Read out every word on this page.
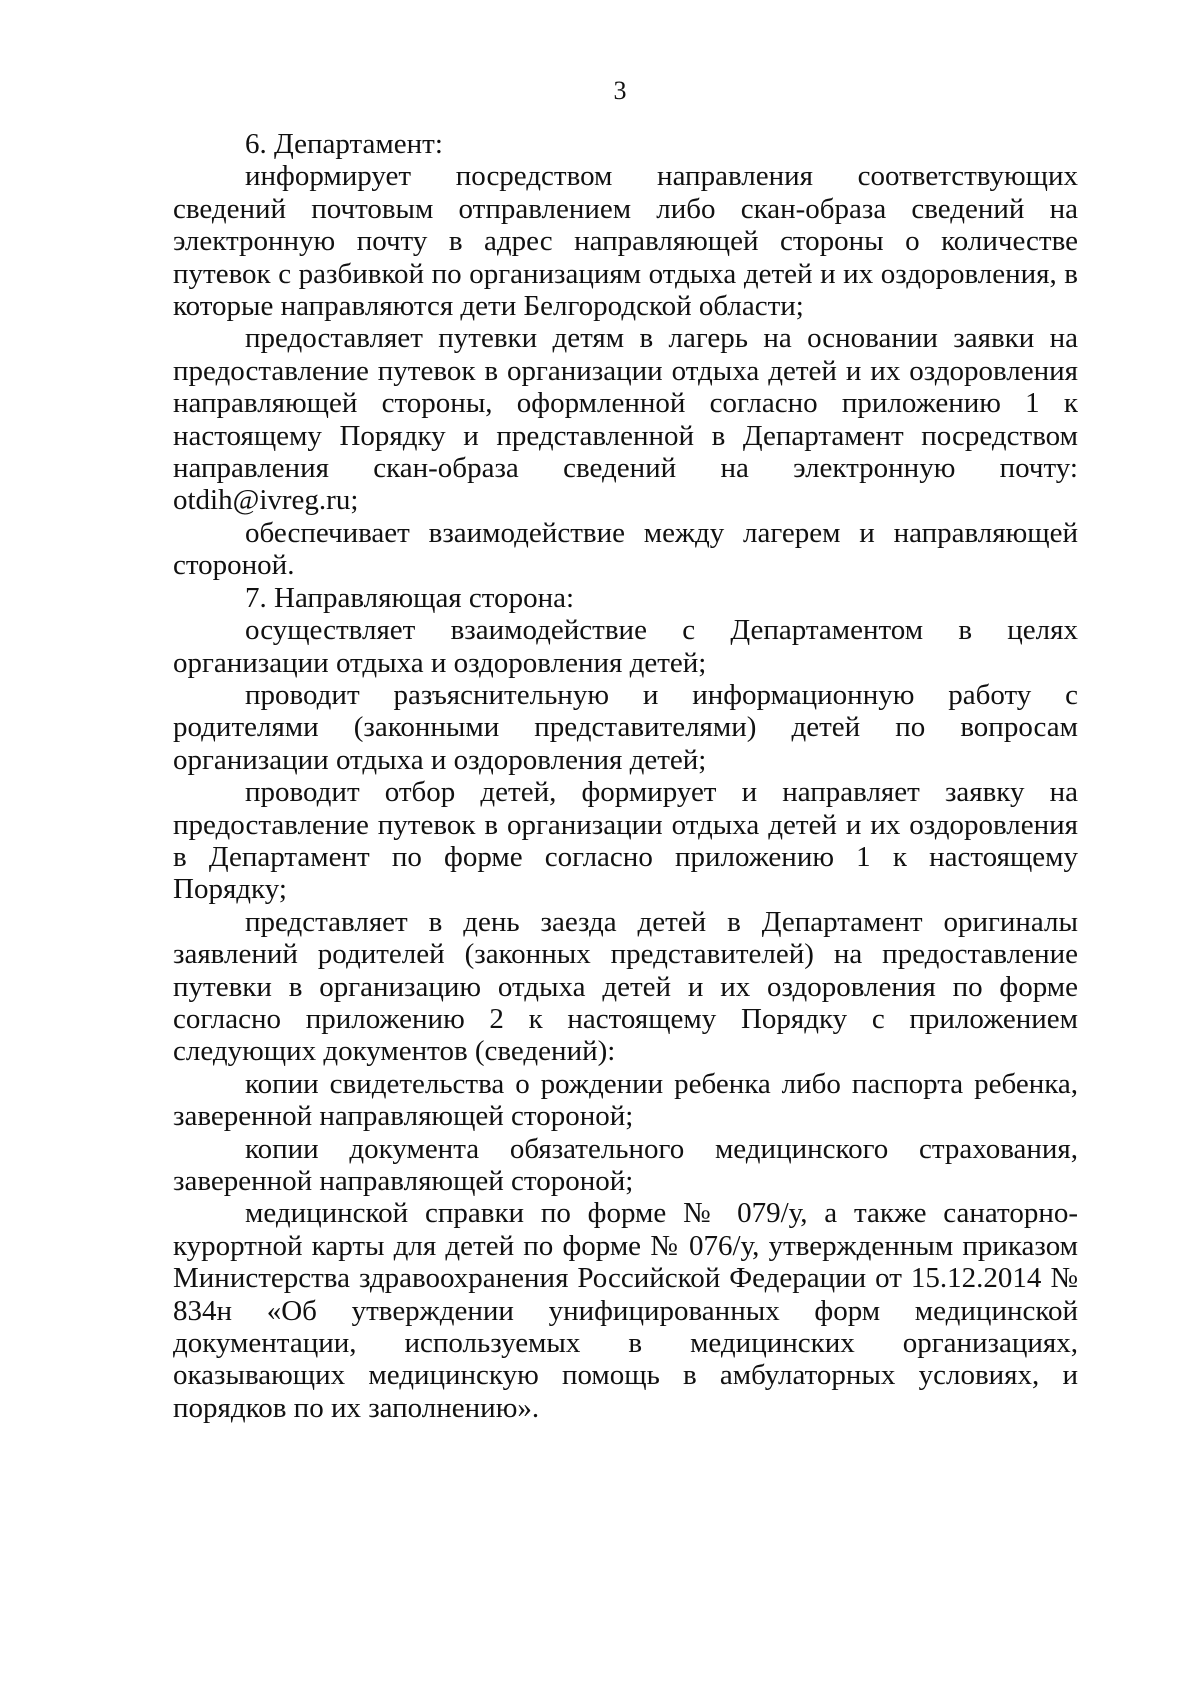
3

6. Департамент:

информирует посредством направления соответствующих сведений почтовым отправлением либо скан-образа сведений на электронную почту в адрес направляющей стороны о количестве путевок с разбивкой по организациям отдыха детей и их оздоровления, в которые направляются дети Белгородской области;

предоставляет путевки детям в лагерь на основании заявки на предоставление путевок в организации отдыха детей и их оздоровления направляющей стороны, оформленной согласно приложению 1 к настоящему Порядку и представленной в Департамент посредством направления скан-образа сведений на электронную почту: otdih@ivreg.ru;

обеспечивает взаимодействие между лагерем и направляющей стороной.

7. Направляющая сторона:

осуществляет взаимодействие с Департаментом в целях организации отдыха и оздоровления детей;

проводит разъяснительную и информационную работу с родителями (законными представителями) детей по вопросам организации отдыха и оздоровления детей;

проводит отбор детей, формирует и направляет заявку на предоставление путевок в организации отдыха детей и их оздоровления в Департамент по форме согласно приложению 1 к настоящему Порядку;

представляет в день заезда детей в Департамент оригиналы заявлений родителей (законных представителей) на предоставление путевки в организацию отдыха детей и их оздоровления по форме согласно приложению 2 к настоящему Порядку с приложением следующих документов (сведений):

копии свидетельства о рождении ребенка либо паспорта ребенка, заверенной направляющей стороной;

копии документа обязательного медицинского страхования, заверенной направляющей стороной;

медицинской справки по форме № 079/у, а также санаторно-курортной карты для детей по форме № 076/у, утвержденным приказом Министерства здравоохранения Российской Федерации от 15.12.2014 № 834н «Об утверждении унифицированных форм медицинской документации, используемых в медицинских организациях, оказывающих медицинскую помощь в амбулаторных условиях, и порядков по их заполнению».
